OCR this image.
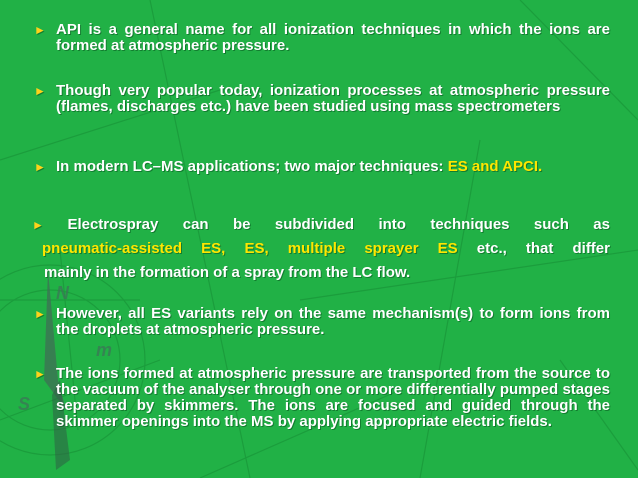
► API is a general name for all ionization techniques in which the ions are formed at atmospheric pressure.
► Though very popular today, ionization processes at atmospheric pressure (flames, discharges etc.) have been studied using mass spectrometers
► In modern LC–MS applications; two major techniques: ES and APCI.
► Electrospray can be subdivided into techniques such as
pneumatic-assisted ES, ES, multiple sprayer ES etc., that differ
mainly in the formation of a spray from the LC flow.
► However, all ES variants rely on the same mechanism(s) to form ions from the droplets at atmospheric pressure.
► The ions formed at atmospheric pressure are transported from the source to the vacuum of the analyser through one or more differentially pumped stages separated by skimmers. The ions are focused and guided through the skimmer openings into the MS by applying appropriate electric fields.
N
m
S
